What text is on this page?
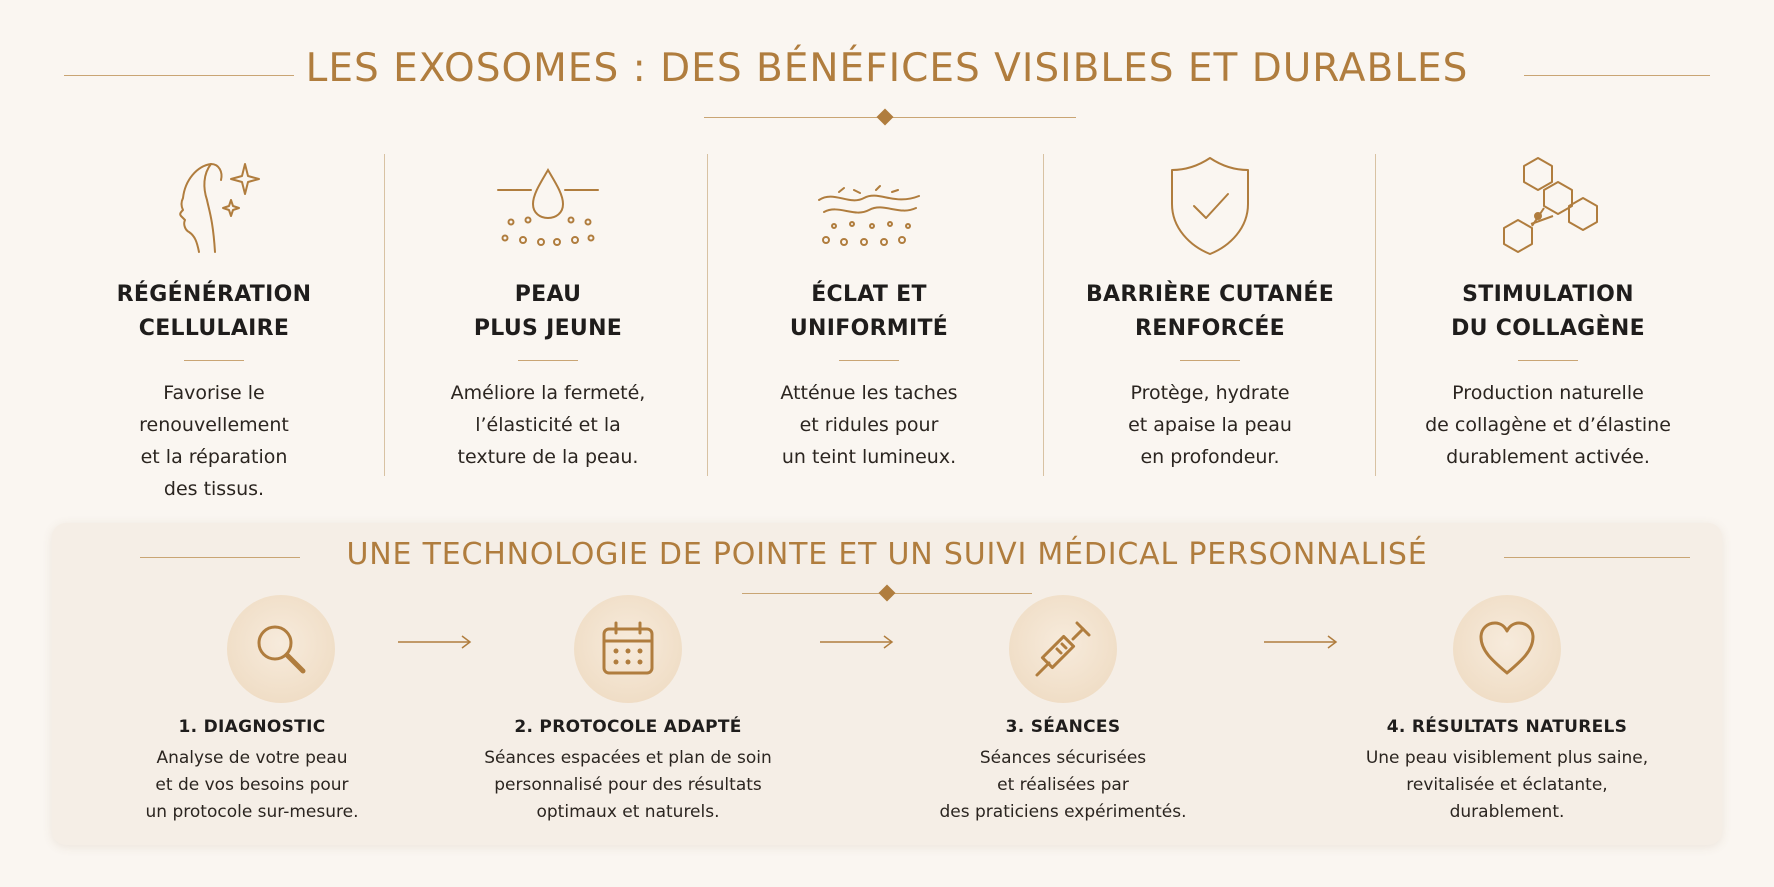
LES EXOSOMES : DES BÉNÉFICES VISIBLES ET DURABLES
RÉGÉNÉRATION
CELLULAIRE
Favorise le
renouvellement
et la réparation
des tissus.
PEAU
PLUS JEUNE
Améliore la fermeté,
l’élasticité et la
texture de la peau.
ÉCLAT ET
UNIFORMITÉ
Atténue les taches
et ridules pour
un teint lumineux.
BARRIÈRE CUTANÉE
RENFORCÉE
Protège, hydrate
et apaise la peau
en profondeur.
STIMULATION
DU COLLAGÈNE
Production naturelle
de collagène et d’élastine
durablement activée.
UNE TECHNOLOGIE DE POINTE ET UN SUIVI MÉDICAL PERSONNALISÉ
1. DIAGNOSTIC
Analyse de votre peau
et de vos besoins pour
un protocole sur-mesure.
2. PROTOCOLE ADAPTÉ
Séances espacées et plan de soin
personnalisé pour des résultats
optimaux et naturels.
3. SÉANCES
Séances sécurisées
et réalisées par
des praticiens expérimentés.
4. RÉSULTATS NATURELS
Une peau visiblement plus saine,
revitalisée et éclatante,
durablement.
